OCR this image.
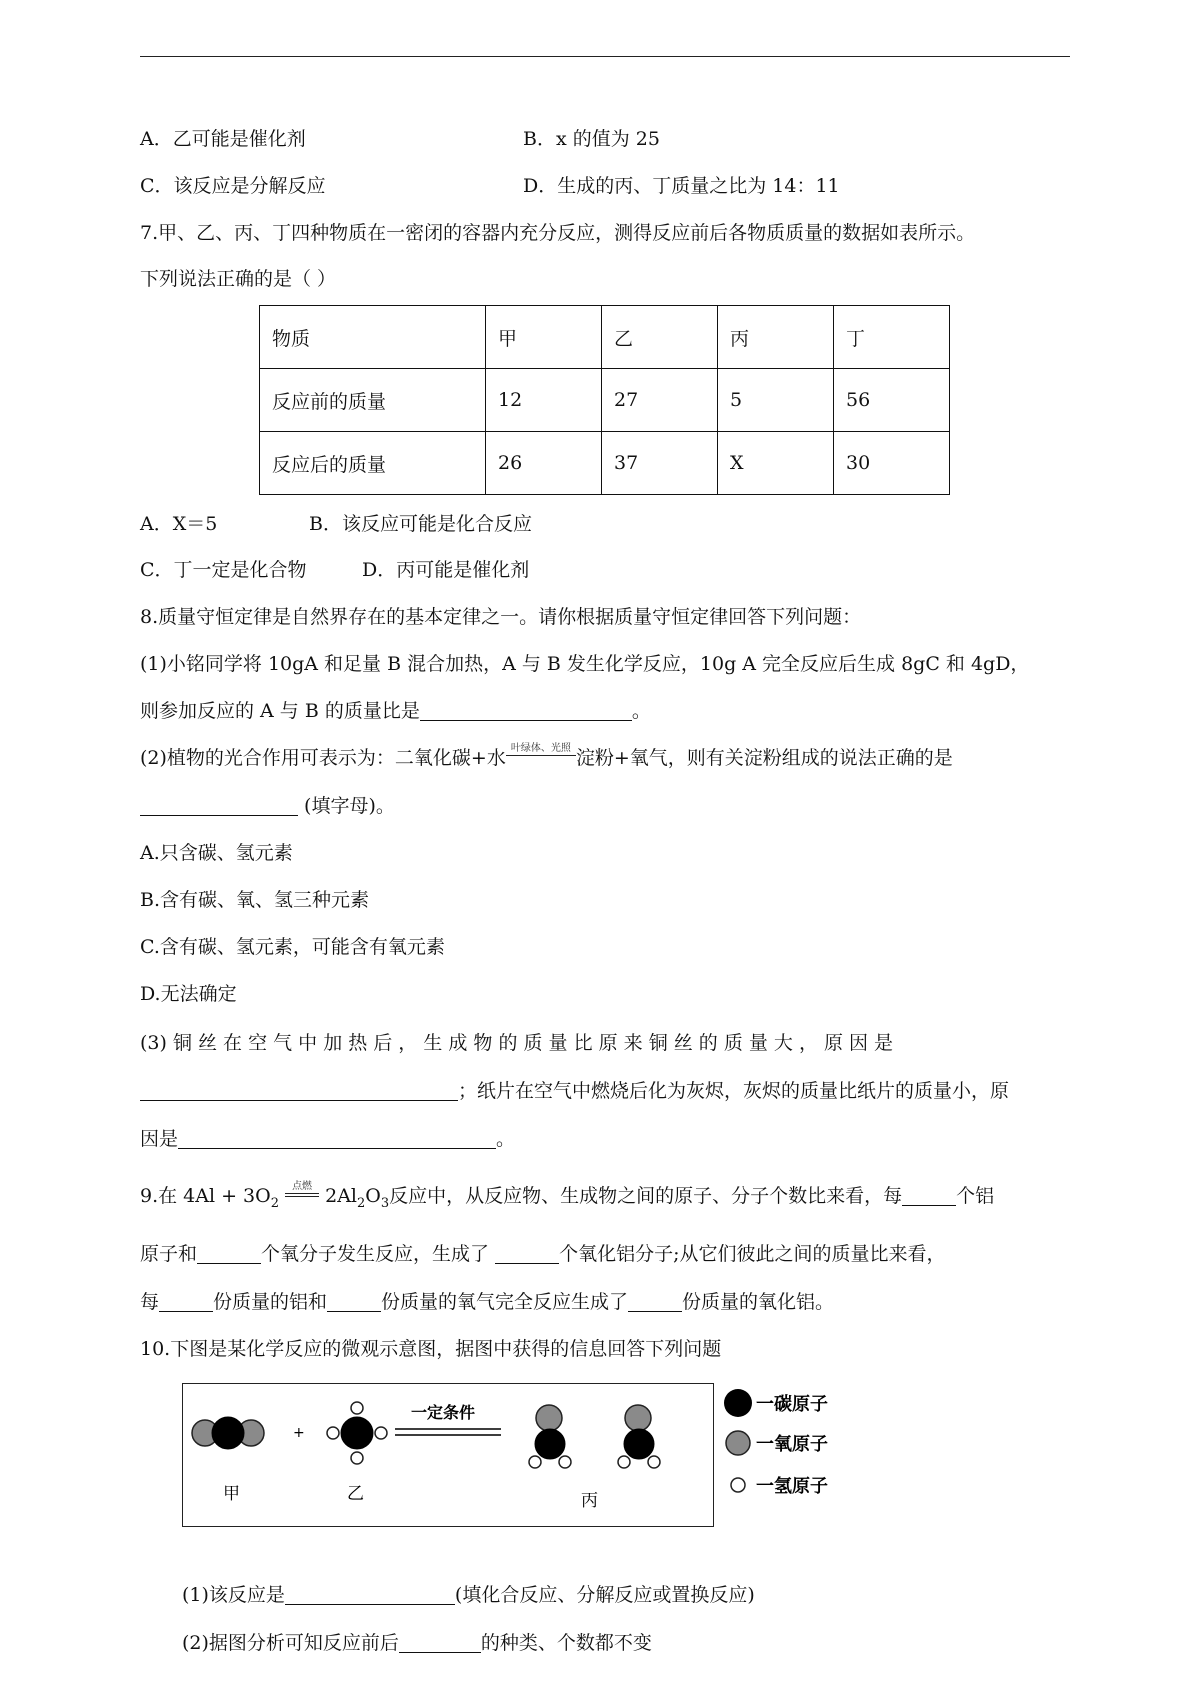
A．乙可能是催化剂	B．x 的值为 25
C．该反应是分解反应	D．生成的丙、丁质量之比为 14：11
7.甲、乙、丙、丁四种物质在一密闭的容器内充分反应，测得反应前后各物质质量的数据如表所示。
下列说法正确的是（ ）
物质	甲	乙	丙	丁
反应前的质量	12	27	5	56
反应后的质量	26	37	X	30
A．X＝5	B．该反应可能是化合反应
C．丁一定是化合物	D．丙可能是催化剂
8.质量守恒定律是自然界存在的基本定律之一。请你根据质量守恒定律回答下列问题：
(1)小铭同学将 10gA 和足量 B 混合加热，A 与 B 发生化学反应，10g A 完全反应后生成 8gC 和 4gD，
则参加反应的 A 与 B 的质量比是	。
(2)植物的光合作用可表示为：二氧化碳+水 叶绿体、光照 淀粉+氧气，则有关淀粉组成的说法正确的是
(填字母)。
A.只含碳、氢元素
B.含有碳、氧、氢三种元素
C.含有碳、氢元素，可能含有氧元素
D.无法确定
(3) 铜 丝 在 空 气 中 加 热 后 ， 生 成 物 的 质 量 比 原 来 铜 丝 的 质 量 大 ， 原 因 是
；纸片在空气中燃烧后化为灰烬，灰烬的质量比纸片的质量小，原
因是	。
9.在 $4Al + 3O_2$
点燃 $2Al_2O_3$反应中，从反应物、生成物之间的原子、分子个数比来看，每	个铝
原子和	个氧分子发生反应，生成了	个氧化铝分子;从它们彼此之间的质量比来看，
每	份质量的铝和	份质量的氧气完全反应生成了	份质量的氧化铝。
10.下图是某化学反应的微观示意图，据图中获得的信息回答下列问题
+
一定条件
甲	乙	丙
一碳原子
一氧原子
一氢原子
(1)该反应是	(填化合反应、分解反应或置换反应)
(2)据图分析可知反应前后	的种类、个数都不变
